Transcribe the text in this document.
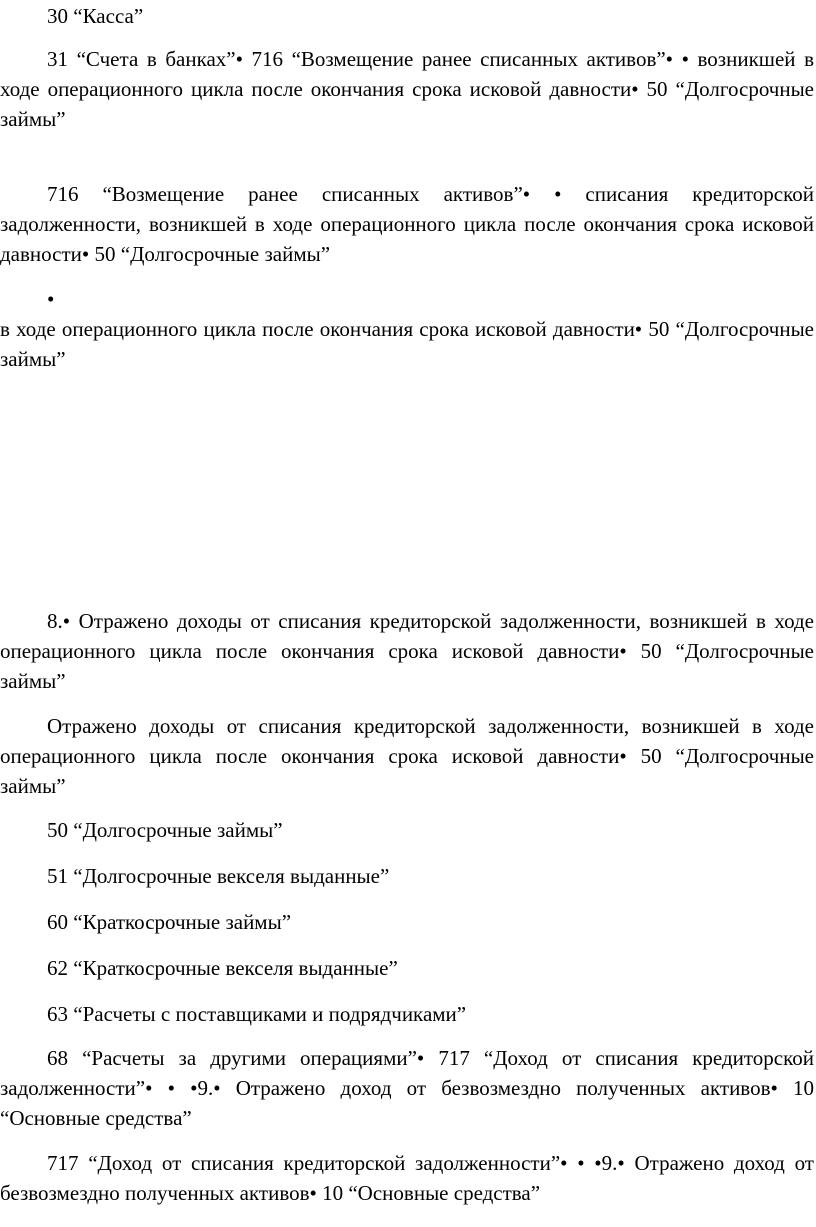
30 “Касса”

31 “Счета в банках”• 716 “Возмещение ранее списанных активов”• • возникшей в ходе операционного цикла после окончания срока исковой давности• 50 “Долгосрочные займы”

716 “Возмещение ранее списанных активов”• • списания кредиторской задолженности, возникшей в ходе операционного цикла после окончания срока исковой давности• 50 “Долгосрочные займы”

•

в ходе операционного цикла после окончания срока исковой давности• 50 “Долгосрочные займы”

8.• Отражено доходы от списания кредиторской задолженности, возникшей в ходе операционного цикла после окончания срока исковой давности• 50 “Долгосрочные займы”

Отражено доходы от списания кредиторской задолженности, возникшей в ходе операционного цикла после окончания срока исковой давности• 50 “Долгосрочные займы”

50 “Долгосрочные займы”

51 “Долгосрочные векселя выданные”

60 “Краткосрочные займы”

62 “Краткосрочные векселя выданные”

63 “Расчеты с поставщиками и подрядчиками”

68 “Расчеты за другими операциями”• 717 “Доход от списания кредиторской задолженности”• • •9.• Отражено доход от безвозмездно полученных активов• 10 “Основные средства”

717 “Доход от списания кредиторской задолженности”• • •9.• Отражено доход от безвозмездно полученных активов• 10 “Основные средства”
